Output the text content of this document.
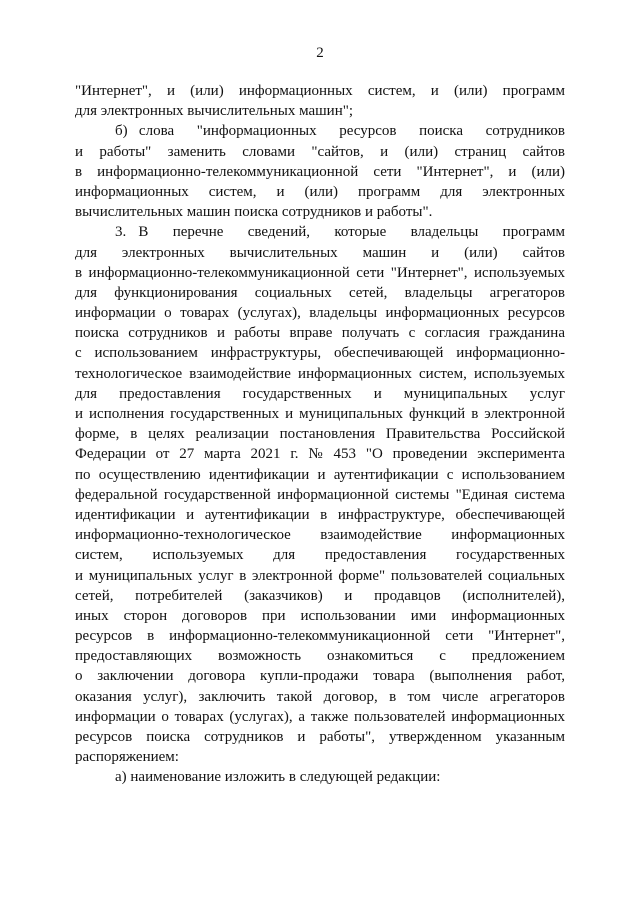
2
"Интернет",  и  (или)  информационных  систем,  и  (или)  программ
для электронных вычислительных машин";
б) слова  "информационных  ресурсов  поиска  сотрудников
и  работы"  заменить  словами  "сайтов,  и  (или)  страниц  сайтов
в  информационно-телекоммуникационной  сети  "Интернет",  и  (или)
информационных  систем,  и  (или)  программ  для  электронных
вычислительных машин поиска сотрудников и работы".
3. В  перечне  сведений,  которые  владельцы  программ
для  электронных  вычислительных  машин  и  (или)  сайтов
в информационно-телекоммуникационной сети "Интернет", используемых
для  функционирования  социальных  сетей,  владельцы  агрегаторов
информации о товарах (услугах), владельцы информационных ресурсов
поиска  сотрудников  и  работы  вправе  получать  с  согласия  гражданина
с  использованием  инфраструктуры,  обеспечивающей  информационно-
технологическое взаимодействие информационных систем, используемых
для  предоставления  государственных  и  муниципальных  услуг
и исполнения государственных и муниципальных функций в электронной
форме,  в  целях  реализации  постановления  Правительства  Российской
Федерации  от  27  марта  2021  г.  №  453  "О  проведении  эксперимента
по осуществлению идентификации и аутентификации с использованием
федеральной государственной информационной системы "Единая система
идентификации  и  аутентификации  в  инфраструктуре,  обеспечивающей
информационно-технологическое  взаимодействие  информационных
систем,  используемых  для  предоставления  государственных
и муниципальных услуг в электронной форме" пользователей социальных
сетей,  потребителей  (заказчиков)  и  продавцов  (исполнителей),
иных  сторон  договоров  при  использовании  ими  информационных
ресурсов  в  информационно-телекоммуникационной  сети  "Интернет",
предоставляющих  возможность  ознакомиться  с  предложением
о  заключении  договора  купли-продажи  товара  (выполнения  работ,
оказания услуг), заключить такой договор, в том числе агрегаторов
информации о товарах (услугах), а также пользователей информационных
ресурсов  поиска  сотрудников  и  работы",  утвержденном  указанным
распоряжением:
а) наименование изложить в следующей редакции:
